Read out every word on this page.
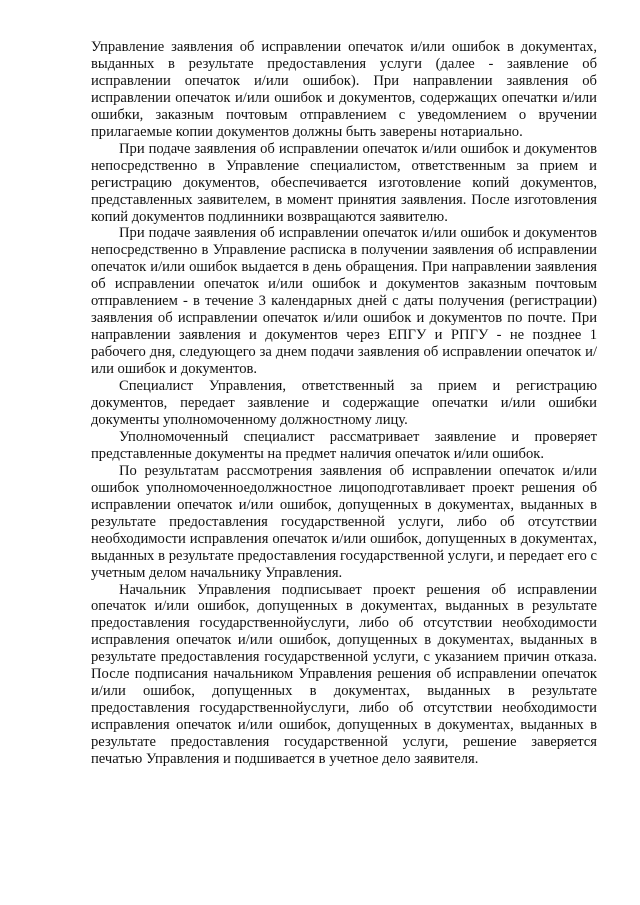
Управление заявления об исправлении опечаток и/или ошибок в документах, выданных в результате предоставления услуги (далее - заявление об исправлении опечаток и/или ошибок). При направлении заявления об исправлении опечаток и/или ошибок и документов, содержащих опечатки и/или ошибки, заказным почтовым отправлением с уведомлением о вручении прилагаемые копии документов должны быть заверены нотариально.

При подаче заявления об исправлении опечаток и/или ошибок и документов непосредственно в Управление специалистом, ответственным за прием и регистрацию документов, обеспечивается изготовление копий документов, представленных заявителем, в момент принятия заявления. После изготовления копий документов подлинники возвращаются заявителю.

При подаче заявления об исправлении опечаток и/или ошибок и документов непосредственно в Управление расписка в получении заявления об исправлении опечаток и/или ошибок выдается в день обращения. При направлении заявления об исправлении опечаток и/или ошибок и документов заказным почтовым отправлением - в течение 3 календарных дней с даты получения (регистрации) заявления об исправлении опечаток и/или ошибок и документов по почте. При направлении заявления и документов через ЕПГУ и РПГУ - не позднее 1 рабочего дня, следующего за днем подачи заявления об исправлении опечаток и/или ошибок и документов.

Специалист Управления, ответственный за прием и регистрацию документов, передает заявление и содержащие опечатки и/или ошибки документы уполномоченному должностному лицу.

Уполномоченный специалист рассматривает заявление и проверяет представленные документы на предмет наличия опечаток и/или ошибок.

По результатам рассмотрения заявления об исправлении опечаток и/или ошибок уполномоченноедолжностное лицоподготавливает проект решения об исправлении опечаток и/или ошибок, допущенных в документах, выданных в результате предоставления государственной услуги, либо об отсутствии необходимости исправления опечаток и/или ошибок, допущенных в документах, выданных в результате предоставления государственной услуги, и передает его с учетным делом начальнику Управления.

Начальник Управления подписывает проект решения об исправлении опечаток и/или ошибок, допущенных в документах, выданных в результате предоставления государственнойуслуги, либо об отсутствии необходимости исправления опечаток и/или ошибок, допущенных в документах, выданных в результате предоставления государственной услуги, с указанием причин отказа. После подписания начальником Управления решения об исправлении опечаток и/или ошибок, допущенных в документах, выданных в результате предоставления государственнойуслуги, либо об отсутствии необходимости исправления опечаток и/или ошибок, допущенных в документах, выданных в результате предоставления государственной услуги, решение заверяется печатью Управления и подшивается в учетное дело заявителя.
